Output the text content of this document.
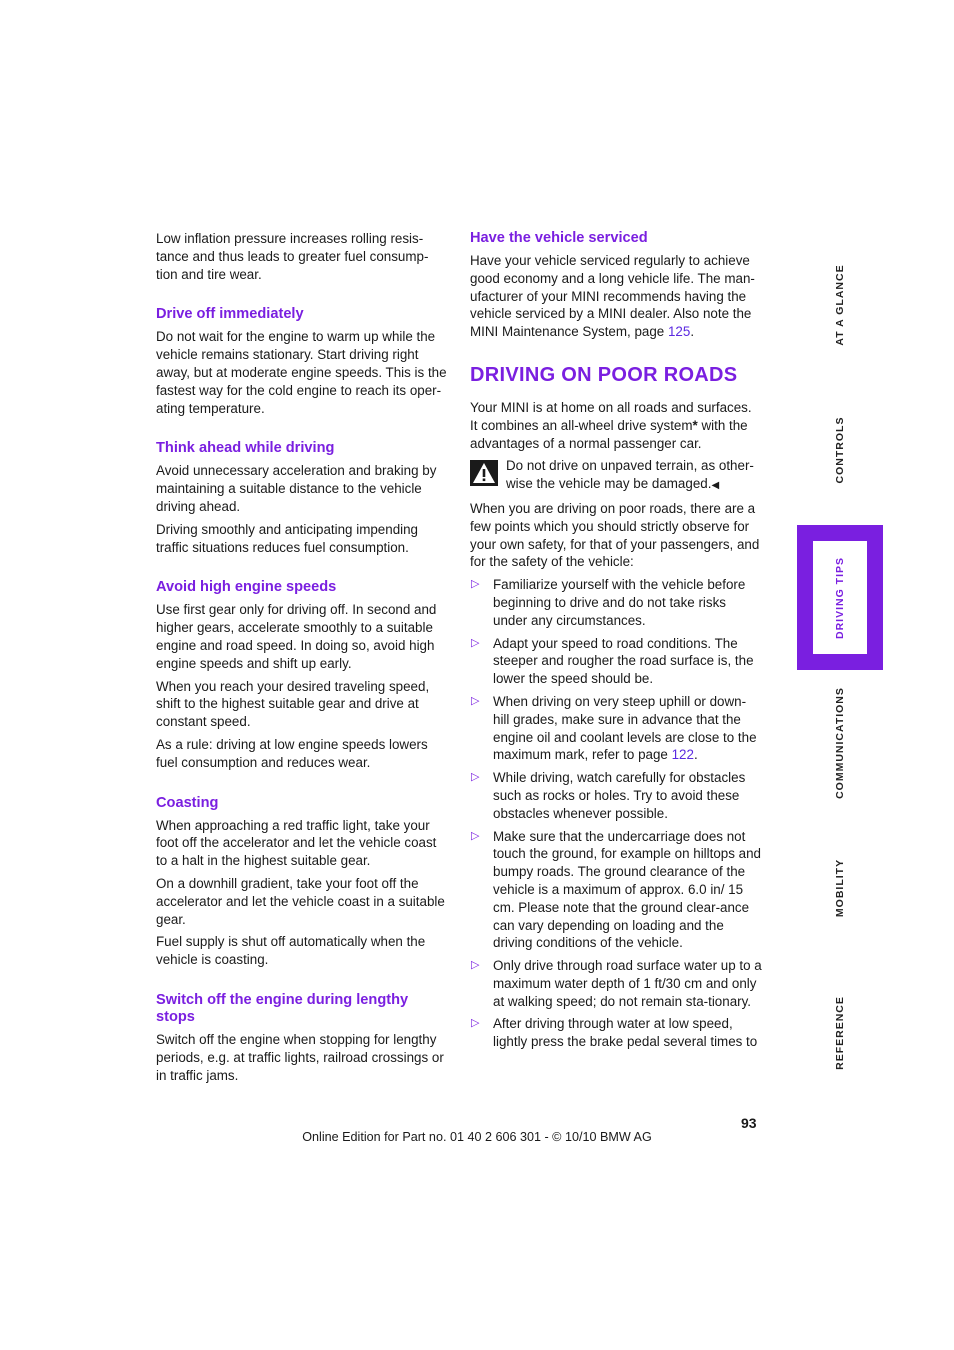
Low inflation pressure increases rolling resis-tance and thus leads to greater fuel consump-tion and tire wear.

Drive off immediately

Do not wait for the engine to warm up while the vehicle remains stationary. Start driving right away, but at moderate engine speeds. This is the fastest way for the cold engine to reach its oper-ating temperature.

Think ahead while driving

Avoid unnecessary acceleration and braking by maintaining a suitable distance to the vehicle driving ahead.

Driving smoothly and anticipating impending traffic situations reduces fuel consumption.

Avoid high engine speeds

Use first gear only for driving off. In second and higher gears, accelerate smoothly to a suitable engine and road speed. In doing so, avoid high engine speeds and shift up early.

When you reach your desired traveling speed, shift to the highest suitable gear and drive at constant speed.

As a rule: driving at low engine speeds lowers fuel consumption and reduces wear.

Coasting

When approaching a red traffic light, take your foot off the accelerator and let the vehicle coast to a halt in the highest suitable gear.

On a downhill gradient, take your foot off the accelerator and let the vehicle coast in a suitable gear.

Fuel supply is shut off automatically when the vehicle is coasting.

Switch off the engine during lengthy stops

Switch off the engine when stopping for lengthy periods, e.g. at traffic lights, railroad crossings or in traffic jams.

Have the vehicle serviced

Have your vehicle serviced regularly to achieve good economy and a long vehicle life. The man-ufacturer of your MINI recommends having the vehicle serviced by a MINI dealer. Also note the MINI Maintenance System, page 125.

DRIVING ON POOR ROADS

Your MINI is at home on all roads and surfaces. It combines an all-wheel drive system* with the advantages of a normal passenger car.

Do not drive on unpaved terrain, as other-wise the vehicle may be damaged.◀

When you are driving on poor roads, there are a few points which you should strictly observe for your own safety, for that of your passengers, and for the safety of the vehicle:

▷ Familiarize yourself with the vehicle before beginning to drive and do not take risks under any circumstances.
▷ Adapt your speed to road conditions. The steeper and rougher the road surface is, the lower the speed should be.
▷ When driving on very steep uphill or down-hill grades, make sure in advance that the engine oil and coolant levels are close to the maximum mark, refer to page 122.
▷ While driving, watch carefully for obstacles such as rocks or holes. Try to avoid these obstacles whenever possible.
▷ Make sure that the undercarriage does not touch the ground, for example on hilltops and bumpy roads. The ground clearance of the vehicle is a maximum of approx. 6.0 in/ 15 cm. Please note that the ground clear-ance can vary depending on loading and the driving conditions of the vehicle.
▷ Only drive through road surface water up to a maximum water depth of 1 ft/30 cm and only at walking speed; do not remain sta-tionary.
▷ After driving through water at low speed, lightly press the brake pedal several times to
AT A GLANCE
CONTROLS
DRIVING TIPS
COMMUNICATIONS
MOBILITY
REFERENCE
93
Online Edition for Part no. 01 40 2 606 301 - © 10/10 BMW AG
